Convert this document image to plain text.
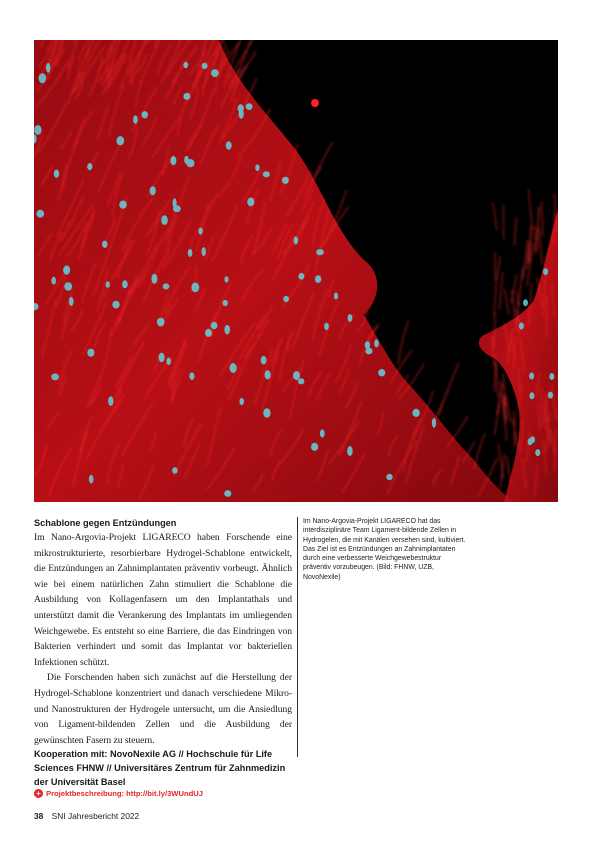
Schablone gegen Entzündungen

Im Nano-Argovia-Projekt LIGARECO haben Forschende eine mikrostrukturierte, resorbierbare Hydrogel-Schablone entwickelt, die Entzündungen an Zahnimplantaten präventiv vorbeugt. Ähnlich wie bei einem natürlichen Zahn stimuliert die Schablone die Ausbildung von Kollagenfasern um den Implantathals und unterstützt damit die Verankerung des Implantats im umliegenden Weichgewebe. Es entsteht so eine Barriere, die das Eindringen von Bakterien verhindert und somit das Implantat vor bakteriellen Infektionen schützt.

Die Forschenden haben sich zunächst auf die Herstellung der Hydrogel-Schablone konzentriert und danach verschiedene Mikro- und Nanostrukturen der Hydrogele untersucht, um die Ansiedlung von Ligament-bildenden Zellen und die Ausbildung der gewünschten Fasern zu steuern.

Kooperation mit: NovoNexile AG // Hochschule für Life Sciences FHNW // Universitäres Zentrum für Zahnmedizin der Universität Basel
+ Projektbeschreibung: http://bit.ly/3WUndUJ
Im Nano-Argovia-Projekt LIGARECO hat das interdisziplinäre Team Ligament-bildende Zellen in Hydrogelen, die mit Kanälen versehen sind, kultiviert. Das Ziel ist es Entzündungen an Zahnimplantaten durch eine verbesserte Weichgewebestruktur präventiv vorzubeugen. (Bild: FHNW, UZB, NovoNexile)
38 SNI Jahresbericht 2022
